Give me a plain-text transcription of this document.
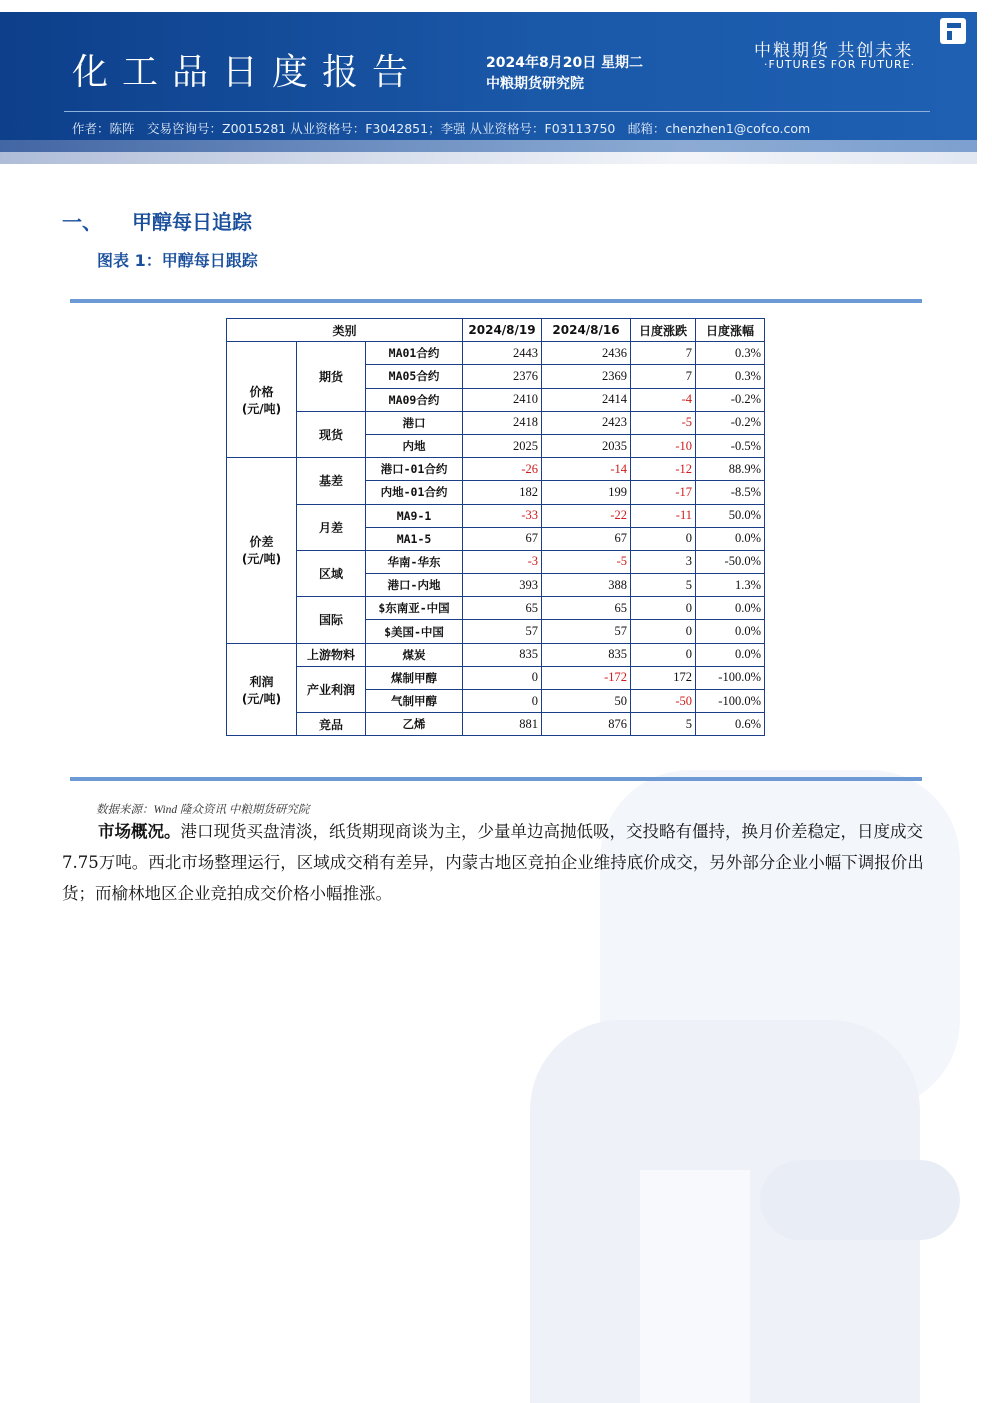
化工品日度报告	2024年8月20日 星期二
中粮期货研究院
中粮期货 共创未来
·FUTURES FOR FUTURE·
作者：陈阵　交易咨询号：Z0015281 从业资格号：F3042851；李强 从业资格号：F03113750　邮箱：chenzhen1@cofco.com
一、 甲醇每日追踪
图表 1：甲醇每日跟踪
类别			2024/8/19	2024/8/16	日度涨跌	日度涨幅
价格
(元/吨)	期货	MA01合约	2443	2436	7	0.3%
		MA05合约	2376	2369	7	0.3%
		MA09合约	2410	2414	-4	-0.2%
	现货	港口	2418	2423	-5	-0.2%
		内地	2025	2035	-10	-0.5%
价差
(元/吨)	基差	港口-01合约	-26	-14	-12	88.9%
		内地-01合约	182	199	-17	-8.5%
	月差	MA9-1	-33	-22	-11	50.0%
		MA1-5	67	67	0	0.0%
	区域	华南-华东	-3	-5	3	-50.0%
		港口-内地	393	388	5	1.3%
	国际	$东南亚-中国	65	65	0	0.0%
		$美国-中国	57	57	0	0.0%
利润
(元/吨)	上游物料	煤炭	835	835	0	0.0%
	产业利润	煤制甲醇	0	-172	172	-100.0%
		气制甲醇	0	50	-50	-100.0%
	竞品	乙烯	881	876	5	0.6%
数据来源：Wind 隆众资讯 中粮期货研究院
市场概况。港口现货买盘清淡，纸货期现商谈为主，少量单边高抛低吸，交投略有僵持，换月价差稳定，日度成交7.75万吨。西北市场整理运行，区域成交稍有差异，内蒙古地区竞拍企业维持底价成交，另外部分企业小幅下调报价出货；而榆林地区企业竞拍成交价格小幅推涨。
